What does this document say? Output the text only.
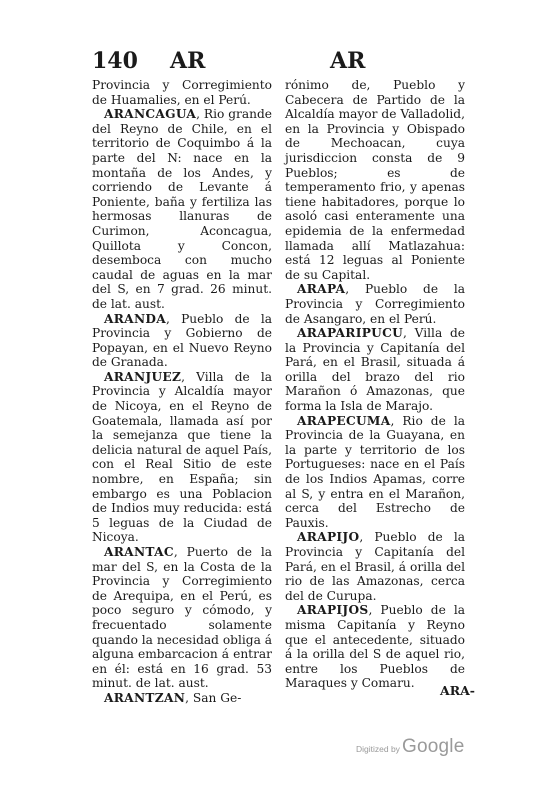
140 AR	AR

Provincia y Corregimiento de Huamalies, en el Perú.

ARANCAGUA, Rio grande del Reyno de Chile, en el territorio de Coquimbo á la parte del N: nace en la montaña de los Andes, y corriendo de Levante á Poniente, baña y fertiliza las hermosas llanuras de Curimon, Aconcagua, Quillota y Concon, desemboca con mucho caudal de aguas en la mar del S, en 7 grad. 26 minut. de lat. aust.

ARANDA, Pueblo de la Provincia y Gobierno de Popayan, en el Nuevo Reyno de Granada.

ARANJUEZ, Villa de la Provincia y Alcaldía mayor de Nicoya, en el Reyno de Goatemala, llamada así por la semejanza que tiene la delicia natural de aquel País, con el Real Sitio de este nombre, en España; sin embargo es una Poblacion de Indios muy reducida: está 5 leguas de la Ciudad de Nicoya.

ARANTAC, Puerto de la mar del S, en la Costa de la Provincia y Corregimiento de Arequipa, en el Perú, es poco seguro y cómodo, y frecuentado solamente quando la necesidad obliga á alguna embarcacion á entrar en él: está en 16 grad. 53 minut. de lat. aust.

ARANTZAN, San Ge-

rónimo de, Pueblo y Cabecera de Partido de la Alcaldía mayor de Valladolid, en la Provincia y Obispado de Mechoacan, cuya jurisdiccion consta de 9 Pueblos; es de temperamento frio, y apenas tiene habitadores, porque lo asoló casi enteramente una epidemia de la enfermedad llamada allí Matlazahua: está 12 leguas al Poniente de su Capital.

ARAPA, Pueblo de la Provincia y Corregimiento de Asangaro, en el Perú.

ARAPARIPUCU, Villa de la Provincia y Capitanía del Pará, en el Brasil, situada á orilla del brazo del rio Marañon ó Amazonas, que forma la Isla de Marajo.

ARAPECUMA, Rio de la Provincia de la Guayana, en la parte y territorio de los Portugueses: nace en el País de los Indios Apamas, corre al S, y entra en el Marañon, cerca del Estrecho de Pauxis.

ARAPIJO, Pueblo de la Provincia y Capitanía del Pará, en el Brasil, á orilla del rio de las Amazonas, cerca del de Curupa.

ARAPIJOS, Pueblo de la misma Capitanía y Reyno que el antecedente, situado á la orilla del S de aquel rio, entre los Pueblos de Maraques y Comaru.	ARA-
Digitized by Google
